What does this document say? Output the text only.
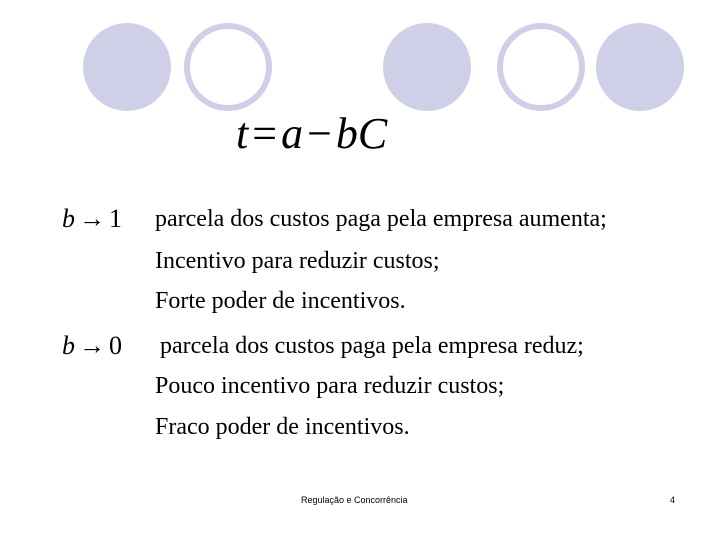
t=a−bC
b → 1 parcela dos custos paga pela empresa aumenta;
Incentivo para reduzir custos;
Forte poder de incentivos.
b → 0 parcela dos custos paga pela empresa reduz;
Pouco incentivo para reduzir custos;
Fraco poder de incentivos.
Regulação e Concorrência	4
